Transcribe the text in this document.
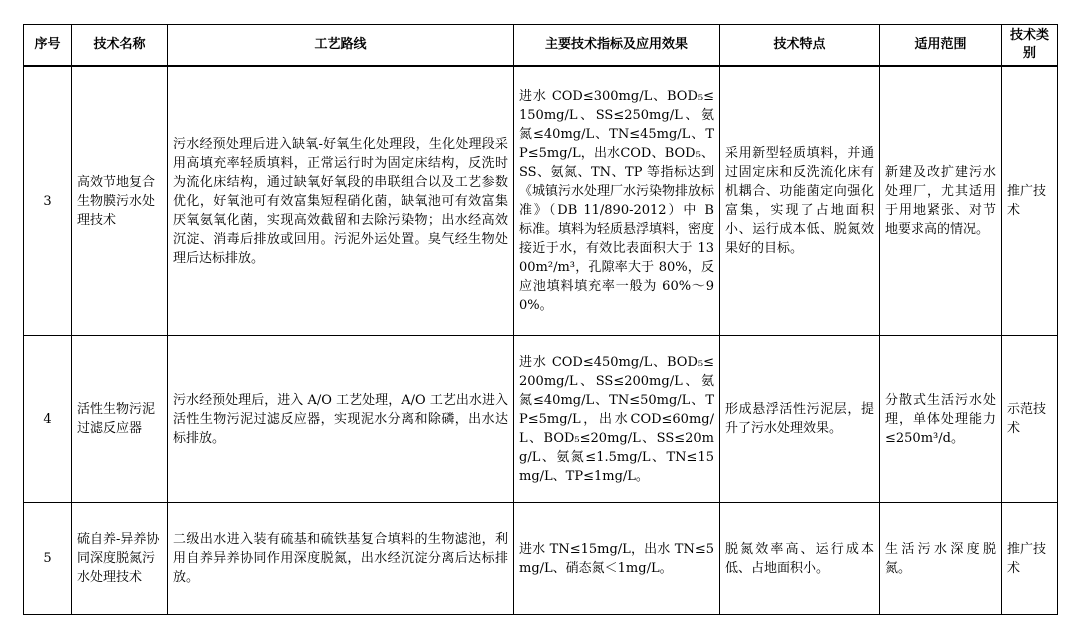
序号	技术名称	工艺路线	主要技术指标及应用效果	技术特点	适用范围	技术类别
3	高效节地复合生物膜污水处理技术	污水经预处理后进入缺氧-好氧生化处理段，生化处理段采用高填充率轻质填料，正常运行时为固定床结构，反洗时为流化床结构，通过缺氧好氧段的串联组合以及工艺参数优化，好氧池可有效富集短程硝化菌，缺氧池可有效富集厌氧氨氧化菌，实现高效截留和去除污染物；出水经高效沉淀、消毒后排放或回用。污泥外运处置。臭气经生物处理后达标排放。	进水 COD≤300mg/L、BOD₅≤150mg/L、SS≤250mg/L、氨氮≤40mg/L、TN≤45mg/L、TP≤5mg/L，出水COD、BOD₅、SS、氨氮、TN、TP 等指标达到《城镇污水处理厂水污染物排放标准》（DB 11/890-2012）中 B 标准。填料为轻质悬浮填料，密度接近于水，有效比表面积大于 1300m²/m³，孔隙率大于 80%，反应池填料填充率一般为 60%～90%。	采用新型轻质填料，并通过固定床和反洗流化床有机耦合、功能菌定向强化富集，实现了占地面积小、运行成本低、脱氮效果好的目标。	新建及改扩建污水处理厂，尤其适用于用地紧张、对节地要求高的情况。	推广技术
4	活性生物污泥过滤反应器	污水经预处理后，进入 A/O 工艺处理，A/O 工艺出水进入活性生物污泥过滤反应器，实现泥水分离和除磷，出水达标排放。	进水 COD≤450mg/L、BOD₅≤200mg/L、SS≤200mg/L、氨氮≤40mg/L、TN≤50mg/L、TP≤5mg/L，出水COD≤60mg/L、BOD₅≤20mg/L、SS≤20mg/L、氨氮≤1.5mg/L、TN≤15mg/L、TP≤1mg/L。	形成悬浮活性污泥层，提升了污水处理效果。	分散式生活污水处理，单体处理能力≤250m³/d。	示范技术
5	硫自养-异养协同深度脱氮污水处理技术	二级出水进入装有硫基和硫铁基复合填料的生物滤池，利用自养异养协同作用深度脱氮，出水经沉淀分离后达标排放。	进水 TN≤15mg/L，出水 TN≤5mg/L、硝态氮＜1mg/L。	脱氮效率高、运行成本低、占地面积小。	生活污水深度脱氮。	推广技术
